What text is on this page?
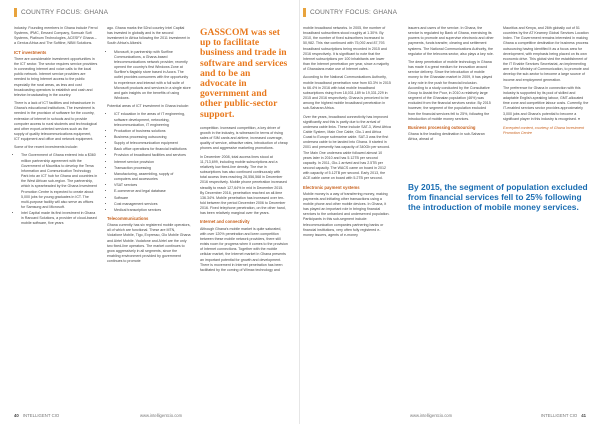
COUNTRY FOCUS: GHANA

industry. Founding members in Ghana include Ferrol Systems, IPMC, Eessed Company, Somuah Soft Systems, Platinum Technologies, ACESFY Ghana – a Genius Africa and The Softline, NBM Solutions.

ICT investments

There are considerable investment opportunities in the ICT sector. The sector requires service providers in connecting internet and voice calls to the local public network. Internet service providers are needed to bring Internet access to the public especially the rural areas, as less and cost broadcasting operators to establish and cash and televion broadcasting in the country.

There is a lack of ICT facilities and infrastructure in Ghana's educational institutions. The investment is needed in the provision of software for the country, extension of internet in schools and to provide computer access to rural students and technological and other export-oriented services such as the supply of quality telecommunications equipment, ICT equipment and office and network equipment.

Some of the recent investments include:

• The Government of Ghana entered into a $360 million partnership agreement with the Government of Mauritius to develop the Tema Information and Communication Technology Park into an ICT hub for Ghana and countries in the West African sub-region. The partnership, which is spearheaded by the Ghana Investment Promotion Centre is expected to create about 5,000 jobs for young graduates in ICT. The multi-purpose facility will also serve as offices for Samsung and Microsoft.
• Intel Capital made its first investment in Ghana in Rancard Solutions, a provider of cloud-based mobile software, five years

ago. Ghana marks the 52nd country Intel Capital has invested in globally and is the second investment in Africa following the 2011 investment in South Africa's Alkeshi.

• Microsoft, in partnership with Surfline Communications, a Ghana-based telecommunications network provider, recently opened the country's first Windows Zone at Surfline's flagship store based in Accra. The outlet provides consumers with the opportunity to experience and interact with a full suite of Microsoft products and services in a single store and gain insights on the benefits of using Windows.

Potential areas of ICT investment in Ghana include:

• ICT education in the areas of IT engineering, software development, networking, telecommunication, IT engineering
• Production of business solutions
• Business processing outsourcing
• Supply of telecommunication equipment
• Back office operations for financial institutions
• Provision of broadband facilities and services
• Internet service provision
• Transaction processing
• Manufacturing, assembling, supply of computers and accessories
• VSAT services
• E-commerce and legal database
• Software
• Cost management services
• Medical transcription services
Telecommunications

Ghana currently has six registered mobile operators, all of which are functional. These are MTN, Vodafone Mobile, Tigo, Expresso, Glo Mobile Ghana and Airtel Mobile. Vodafone and Airtel are the only two fixed-line operators. The market continues to grow aggressively in all segments, since the enabling environment provided by government continues to promote

GASSCOM was set up to facilitate business and trade in software and services and to be an advocate in government and other public-sector support.

competition. Increased competition, a key driver of growth in the industry, is witnessed in terms of rising sales of SIM cards and airtime, increased coverage, quality of service, attractive rates, introduction of cheap phones and aggressive marketing promotions.

In December 2008, total access lines stood at 11,713,699, including mobile subscriptions and a relatively low fixed-line density. The rise in subscriptions has also continued continuously with total access lines reaching 26,556,568 in December 2016 respectively. Mobile phone penetration increased steadily to reach 127,64% in mid in December 2015. By December 2016, penetration reached an all-time 136.34%. Mobile penetration has increased over ten-fold between the period December 2006 to December 2016. Fixed telephone penetration, on the other hand, has been relatively marginal over the years.

Internet and connectivity

Although Ghana's mobile market is quite saturated, with over 120% penetration and keen competition between these mobile network providers, there still exists room for progress when it comes to the provision of Internet connections. Together with the mobile cellular market, the Internet market in Ghana presents an important potential for growth and development. There is movement in Internet penetration has been facilitated by the coming of Wimax technology and

40 INTELLIGENT CIO	www.intelligentcio.com
COUNTRY FOCUS: GHANA

mobile broadband networks. In 2005, the number of broadband subscribers stood roughly at 1.30%. By 2010, the number of fixed subscribers increased to 50,982. This rise continued with 75,092 and 87,793 broadband subscriptions being recorded in 2015 and 2016 respectively. It is significant to note that the Internet subscriptions per 100 inhabitants are lower than the Internet penetration per year, since a majority of Ghanaians make use of Internet cafes.

According to the National Communications Authority, mobile broadband penetration rose from 63.3% in 2015 to 66.4% in 2016 with total mobile broadband subscriptions rising from 18,031,189 to 19,331,229 in 2015 and 2016 respectively. Ghana is perceived to be among the highest mobile broadband penetration in sub-Saharan Africa.

Over the years, broadband connectivity has improved significantly and this is partly due to the arrival of undersea cable links. These include SAT-3, West Africa Cable System, Main One Cable, Glo-1 and Africa Coast to Europe submarine cable. SAT-3 was the first undersea cable to be landed into Ghana. It started in 2001 and presently has capacity of 340Gb per second. The Main One undersea cable followed almost 10 years later in 2010 and has 5.12TB per second capacity. In 2011, Glo-1 arrived and has 2.5TB per second capacity. The WACS came on board in 2012 with capacity of 5.12TB per second. Early 2013, the ACE cable came on board with 5.2TB per second.

Electronic payment systems

Mobile money is a way of transferring money, making payments and initiating other transactions using a mobile phone and other mobile devices. In Ghana, it has played an important role in bringing financial services to the unbanked and underserved population. Participants in this sub-segment include: telecommunication companies partnering banks or financial institutions, very often fully registered e-money issuers, agents of e-money

issuers and users of the service. In Ghana, the service is regulated by Bank of Ghana, exercising its powers to promote and supervise electronic and other payments, funds transfer, clearing and settlement systems. The National Communications Authority, the regulator of the telecoms sector, also plays a key role.

The deep penetration of mobile technology in Ghana has made it a great medium for innovation around service delivery. Since the introduction of mobile money to the Ghanaian market in 2009, it has played a key role in the push for financial inclusion. According to a study conducted by the Consultative Group to Assist the Poor, in 2010 a relatively large segment of the Ghanaian population (46%) was excluded from the financial services sector. By 2015 however, the segment of the population excluded from the financial services fell to 25%, following the introduction of mobile money services.

Business processing outsourcing

Ghana is the leading destination in sub-Saharan Africa, ahead of

Mauritius and Kenya, and 26th globally out of 51 countries by the AT Kearney Global Services Location Index. The Government remains interested in making Ghana a competitive destination for business process outsourcing having identified it as a focus area for development, with emphasis being placed on its own economic drive. This global vied the establishment of the IT Enable Services Secretariat, an implementing arm of the Ministry of Communication, to promote and develop the sub-sector to become a large source of income and employment generation.

The preference for Ghana in connection with this industry is supported by its pool of skilled and adaptable English-speaking labour, GMT-allocated time zone and competitive labour costs. Currently, the IT-enabled services sector provides approximately 3,000 jobs and Ghana's potential to become a significant player in this industry is recognised. ●

Excerpted content, courtesy of Ghana Investment Promotion Centre
By 2015, the segment of population excluded from financial services fell to 25% following the introduction of mobile money services.
www.intelligentcio.com	INTELLIGENT CIO 41
